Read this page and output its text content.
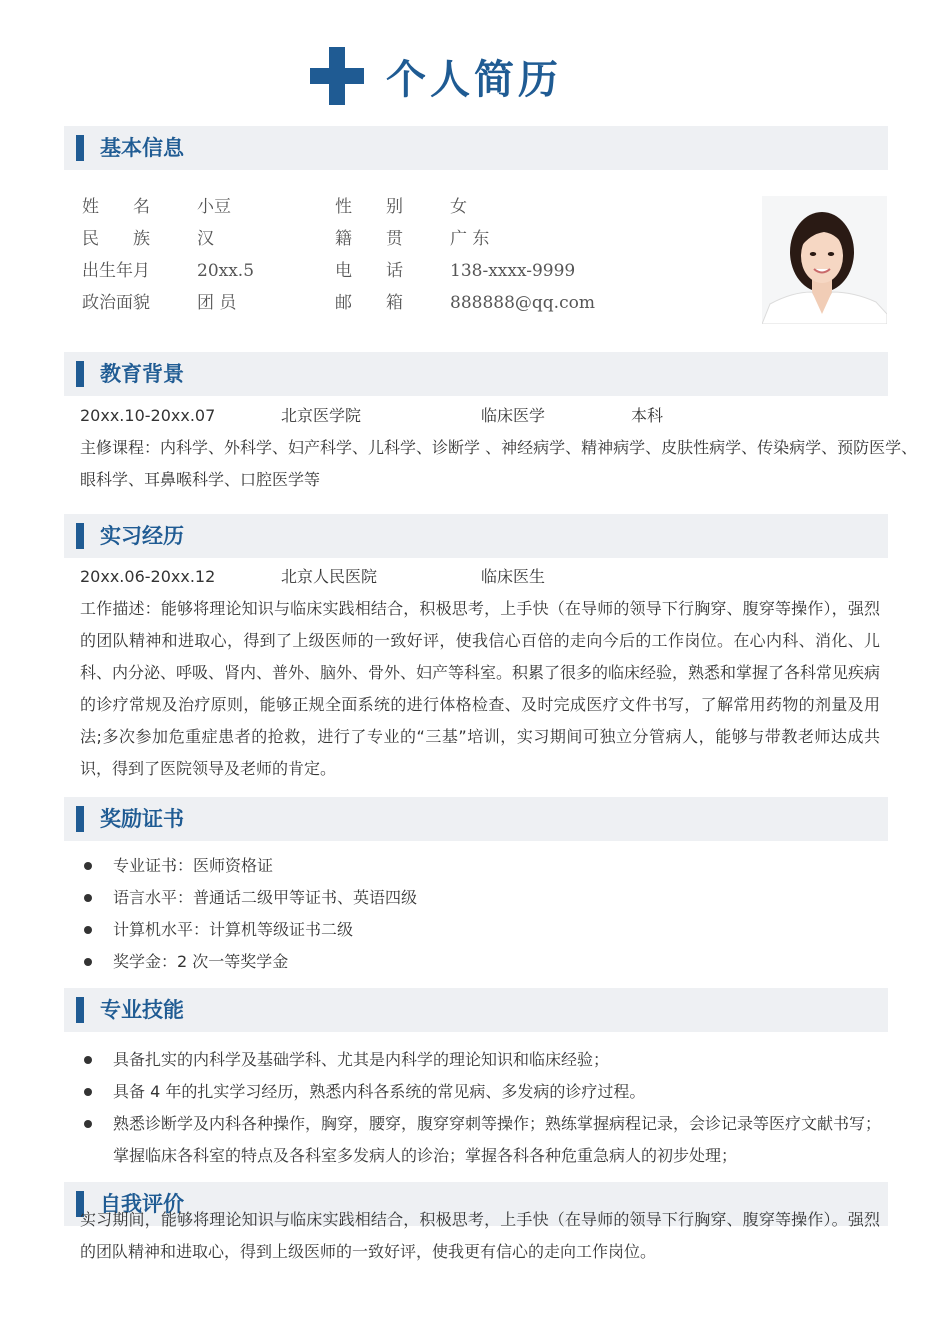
个人简历
基本信息
姓　　名	小豆	性　　别	女
民　　族	汉	籍　　贯	广 东
出生年月	20xx.5	电　　话	138-xxxx-9999
政治面貌	团 员	邮　　箱	888888@qq.com
教育背景
20xx.10-20xx.07	北京医学院	临床医学	本科
主修课程：内科学、外科学、妇产科学、儿科学、诊断学 、神经病学、精神病学、皮肤性病学、传染病学、预防医学、
眼科学、耳鼻喉科学、口腔医学等
实习经历
20xx.06-20xx.12	北京人民医院	临床医生
工作描述：能够将理论知识与临床实践相结合，积极思考，上手快（在导师的领导下行胸穿、腹穿等操作），强烈的团队精神和进取心，得到了上级医师的一致好评，使我信心百倍的走向今后的工作岗位。在心内科、消化、儿科、内分泌、呼吸、肾内、普外、脑外、骨外、妇产等科室。积累了很多的临床经验，熟悉和掌握了各科常见疾病的诊疗常规及治疗原则，能够正规全面系统的进行体格检查、及时完成医疗文件书写，了解常用药物的剂量及用法;多次参加危重症患者的抢救，进行了专业的“三基”培训，实习期间可独立分管病人，能够与带教老师达成共识，得到了医院领导及老师的肯定。
奖励证书
专业证书：医师资格证
语言水平：普通话二级甲等证书、英语四级
计算机水平：计算机等级证书二级
奖学金：2 次一等奖学金
专业技能
具备扎实的内科学及基础学科、尤其是内科学的理论知识和临床经验；
具备 4 年的扎实学习经历，熟悉内科各系统的常见病、多发病的诊疗过程。
熟悉诊断学及内科各种操作，胸穿，腰穿，腹穿穿刺等操作；熟练掌握病程记录，会诊记录等医疗文献书写；掌握临床各科室的特点及各科室多发病人的诊治；掌握各科各种危重急病人的初步处理；
自我评价
实习期间，能够将理论知识与临床实践相结合，积极思考，上手快（在导师的领导下行胸穿、腹穿等操作）。强烈的团队精神和进取心，得到上级医师的一致好评，使我更有信心的走向工作岗位。
